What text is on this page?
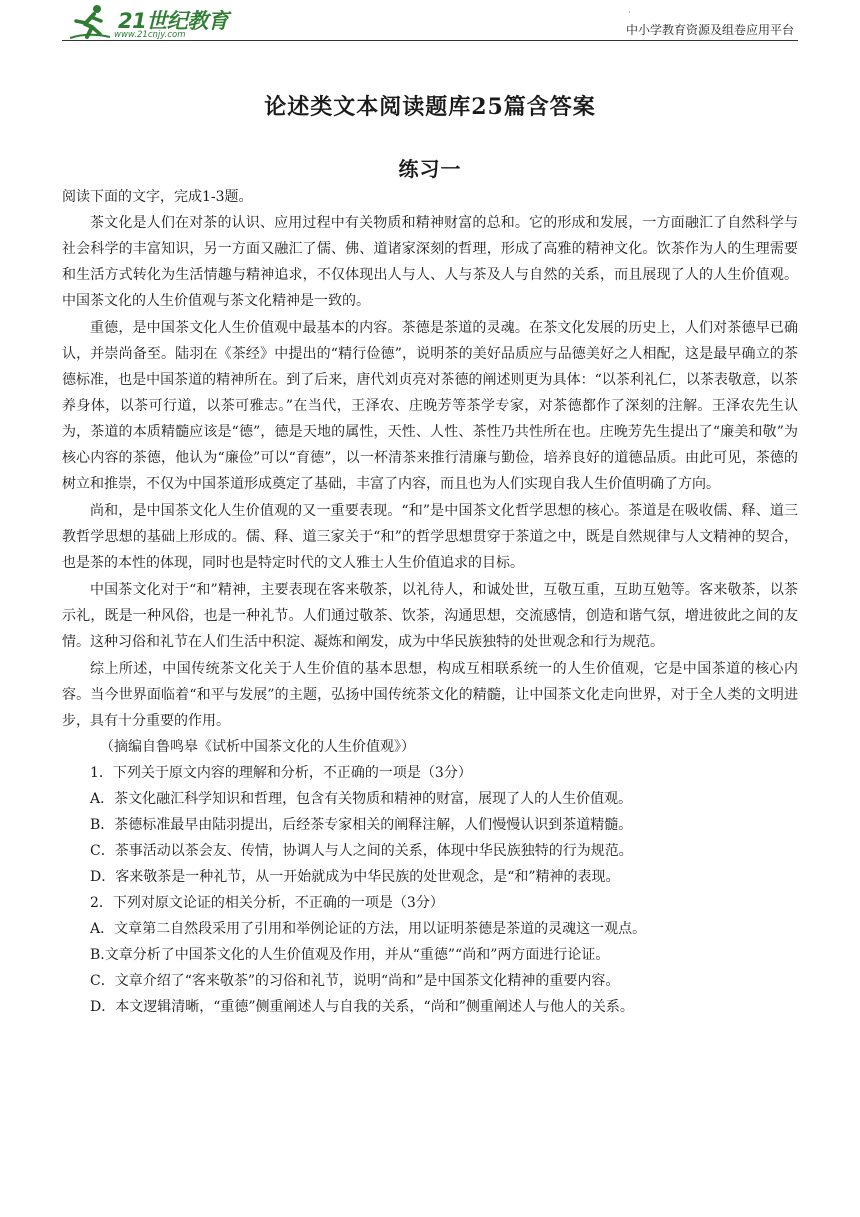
21世纪教育
www.21cnjy.com
·
中小学教育资源及组卷应用平台
论述类文本阅读题库25篇含答案
练习一

阅读下面的文字，完成1-3题。

茶文化是人们在对茶的认识、应用过程中有关物质和精神财富的总和。它的形成和发展，一方面融汇了自然科学与社会科学的丰富知识，另一方面又融汇了儒、佛、道诸家深刻的哲理，形成了高雅的精神文化。饮茶作为人的生理需要和生活方式转化为生活情趣与精神追求，不仅体现出人与人、人与茶及人与自然的关系，而且展现了人的人生价值观。中国茶文化的人生价值观与茶文化精神是一致的。

重德，是中国茶文化人生价值观中最基本的内容。茶德是茶道的灵魂。在茶文化发展的历史上，人们对茶德早已确认，并崇尚备至。陆羽在《茶经》中提出的“精行俭德”，说明茶的美好品质应与品德美好之人相配，这是最早确立的茶德标准，也是中国茶道的精神所在。到了后来，唐代刘贞亮对茶德的阐述则更为具体：“以茶利礼仁，以茶表敬意，以茶养身体，以茶可行道，以茶可雅志。”在当代，王泽农、庄晚芳等茶学专家，对茶德都作了深刻的注解。王泽农先生认为，茶道的本质精髓应该是“德”，德是天地的属性，天性、人性、茶性乃共性所在也。庄晚芳先生提出了“廉美和敬”为核心内容的茶德，他认为“廉俭”可以“育德”，以一杯清茶来推行清廉与勤俭，培养良好的道德品质。由此可见，茶德的树立和推崇，不仅为中国茶道形成奠定了基础，丰富了内容，而且也为人们实现自我人生价值明确了方向。

尚和，是中国茶文化人生价值观的又一重要表现。“和”是中国茶文化哲学思想的核心。茶道是在吸收儒、释、道三教哲学思想的基础上形成的。儒、释、道三家关于“和”的哲学思想贯穿于茶道之中，既是自然规律与人文精神的契合，也是茶的本性的体现，同时也是特定时代的文人雅士人生价值追求的目标。

中国茶文化对于“和”精神，主要表现在客来敬茶，以礼待人，和诚处世，互敬互重，互助互勉等。客来敬茶，以茶示礼，既是一种风俗，也是一种礼节。人们通过敬茶、饮茶，沟通思想，交流感情，创造和谐气氛，增进彼此之间的友情。这种习俗和礼节在人们生活中积淀、凝炼和阐发，成为中华民族独特的处世观念和行为规范。

综上所述，中国传统茶文化关于人生价值的基本思想，构成互相联系统一的人生价值观，它是中国茶道的核心内容。当今世界面临着“和平与发展”的主题，弘扬中国传统茶文化的精髓，让中国茶文化走向世界，对于全人类的文明进步，具有十分重要的作用。

（摘编自鲁鸣皋《试析中国茶文化的人生价值观》）

1．下列关于原文内容的理解和分析，不正确的一项是（3分）

A．茶文化融汇科学知识和哲理，包含有关物质和精神的财富，展现了人的人生价值观。

B．茶德标准最早由陆羽提出，后经茶专家相关的阐释注解，人们慢慢认识到茶道精髓。

C．茶事活动以茶会友、传情，协调人与人之间的关系，体现中华民族独特的行为规范。

D．客来敬茶是一种礼节，从一开始就成为中华民族的处世观念，是“和”精神的表现。

2．下列对原文论证的相关分析，不正确的一项是（3分）

A．文章第二自然段采用了引用和举例论证的方法，用以证明茶德是茶道的灵魂这一观点。

B.文章分析了中国茶文化的人生价值观及作用，并从“重德”“尚和”两方面进行论证。

C．文章介绍了“客来敬茶”的习俗和礼节，说明“尚和”是中国茶文化精神的重要内容。

D．本文逻辑清晰，“重德”侧重阐述人与自我的关系，“尚和”侧重阐述人与他人的关系。
